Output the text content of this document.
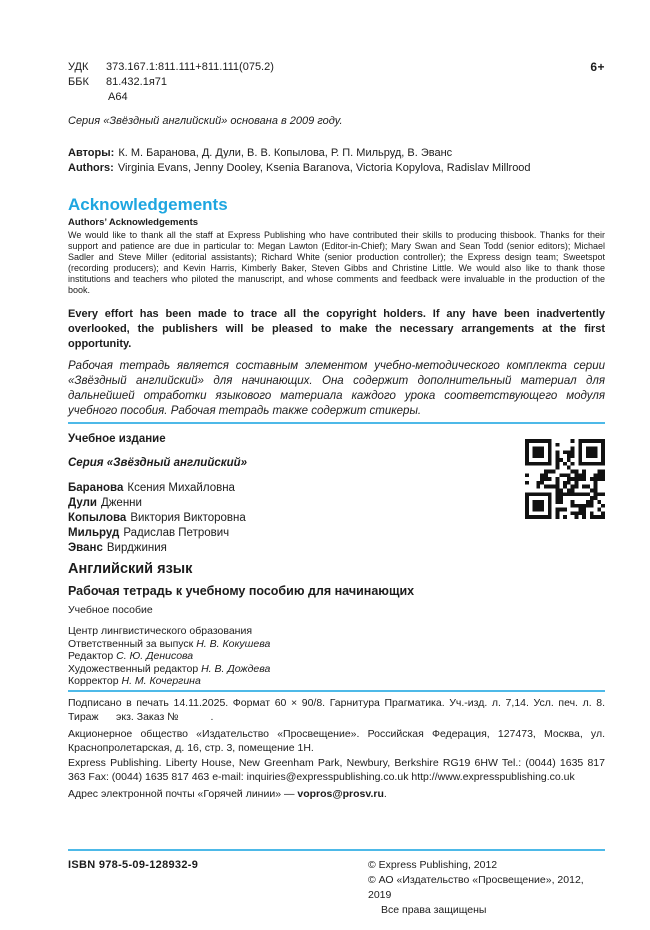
УДК	373.167.1:811.111+811.111(075.2)	6+
ББК	81.432.1я71
А64

Серия «Звёздный английский» основана в 2009 году.

Авторы: К. М. Баранова, Д. Дули, В. В. Копылова, Р. П. Мильруд, В. Эванс
Authors: Virginia Evans, Jenny Dooley, Ksenia Baranova, Victoria Kopylova, Radislav Millrood
Acknowledgements
Authors’ Acknowledgements

We would like to thank all the staff at Express Publishing who have contributed their skills to producing thisbook. Thanks for their support and patience are due in particular to: Megan Lawton (Editor-in-Chief); Mary Swan and Sean Todd (senior editors); Michael Sadler and Steve Miller (editorial assistants); Richard White (senior production controller); the Express design team; Sweetspot (recording producers); and Kevin Harris, Kimberly Baker, Steven Gibbs and Christine Little. We would also like to thank those institutions and teachers who piloted the manuscript, and whose comments and feedback were invaluable in the production of the book.

Every effort has been made to trace all the copyright holders. If any have been inadvertently overlooked, the publishers will be pleased to make the necessary arrangements at the first opportunity.

Рабочая тетрадь является составным элементом учебно-методического комплекта серии «Звёздный английский» для начинающих. Она содержит дополнительный материал для дальнейшей отработки языкового материала каждого урока соответствующего модуля учебного пособия. Рабочая тетрадь также содержит стикеры.

Учебное издание

Серия «Звёздный английский»

Баранова Ксения Михайловна
Дули Дженни
Копылова Виктория Викторовна
Мильруд Радислав Петрович
Эванс Вирджиния
Английский язык
Рабочая тетрадь к учебному пособию для начинающих

Учебное пособие

Центр лингвистического образования
Ответственный за выпуск Н. В. Кокушева
Редактор С. Ю. Денисова
Художественный редактор Н. В. Дождева
Корректор Н. М. Кочергина

Подписано в печать 14.11.2025. Формат 60 × 90/8. Гарнитура Прагматика. Уч.-изд. л. 7,14. Усл. печ. л. 8. Тираж      экз. Заказ №           .

Акционерное общество «Издательство «Просвещение». Российская Федерация, 127473, Москва, ул. Краснопролетарская, д. 16, стр. 3, помещение 1Н.

Express Publishing. Liberty House, New Greenham Park, Newbury, Berkshire RG19 6HW Tel.: (0044) 1635 817 363 Fax: (0044) 1635 817 463 e-mail: inquiries@expresspublishing.co.uk http://www.expresspublishing.co.uk

Адрес электронной почты «Горячей линии» — vopros@prosv.ru.

ISBN 978-5-09-128932-9	© Express Publishing, 2012
© АО «Издательство «Просвещение», 2012, 2019
Все права защищены
